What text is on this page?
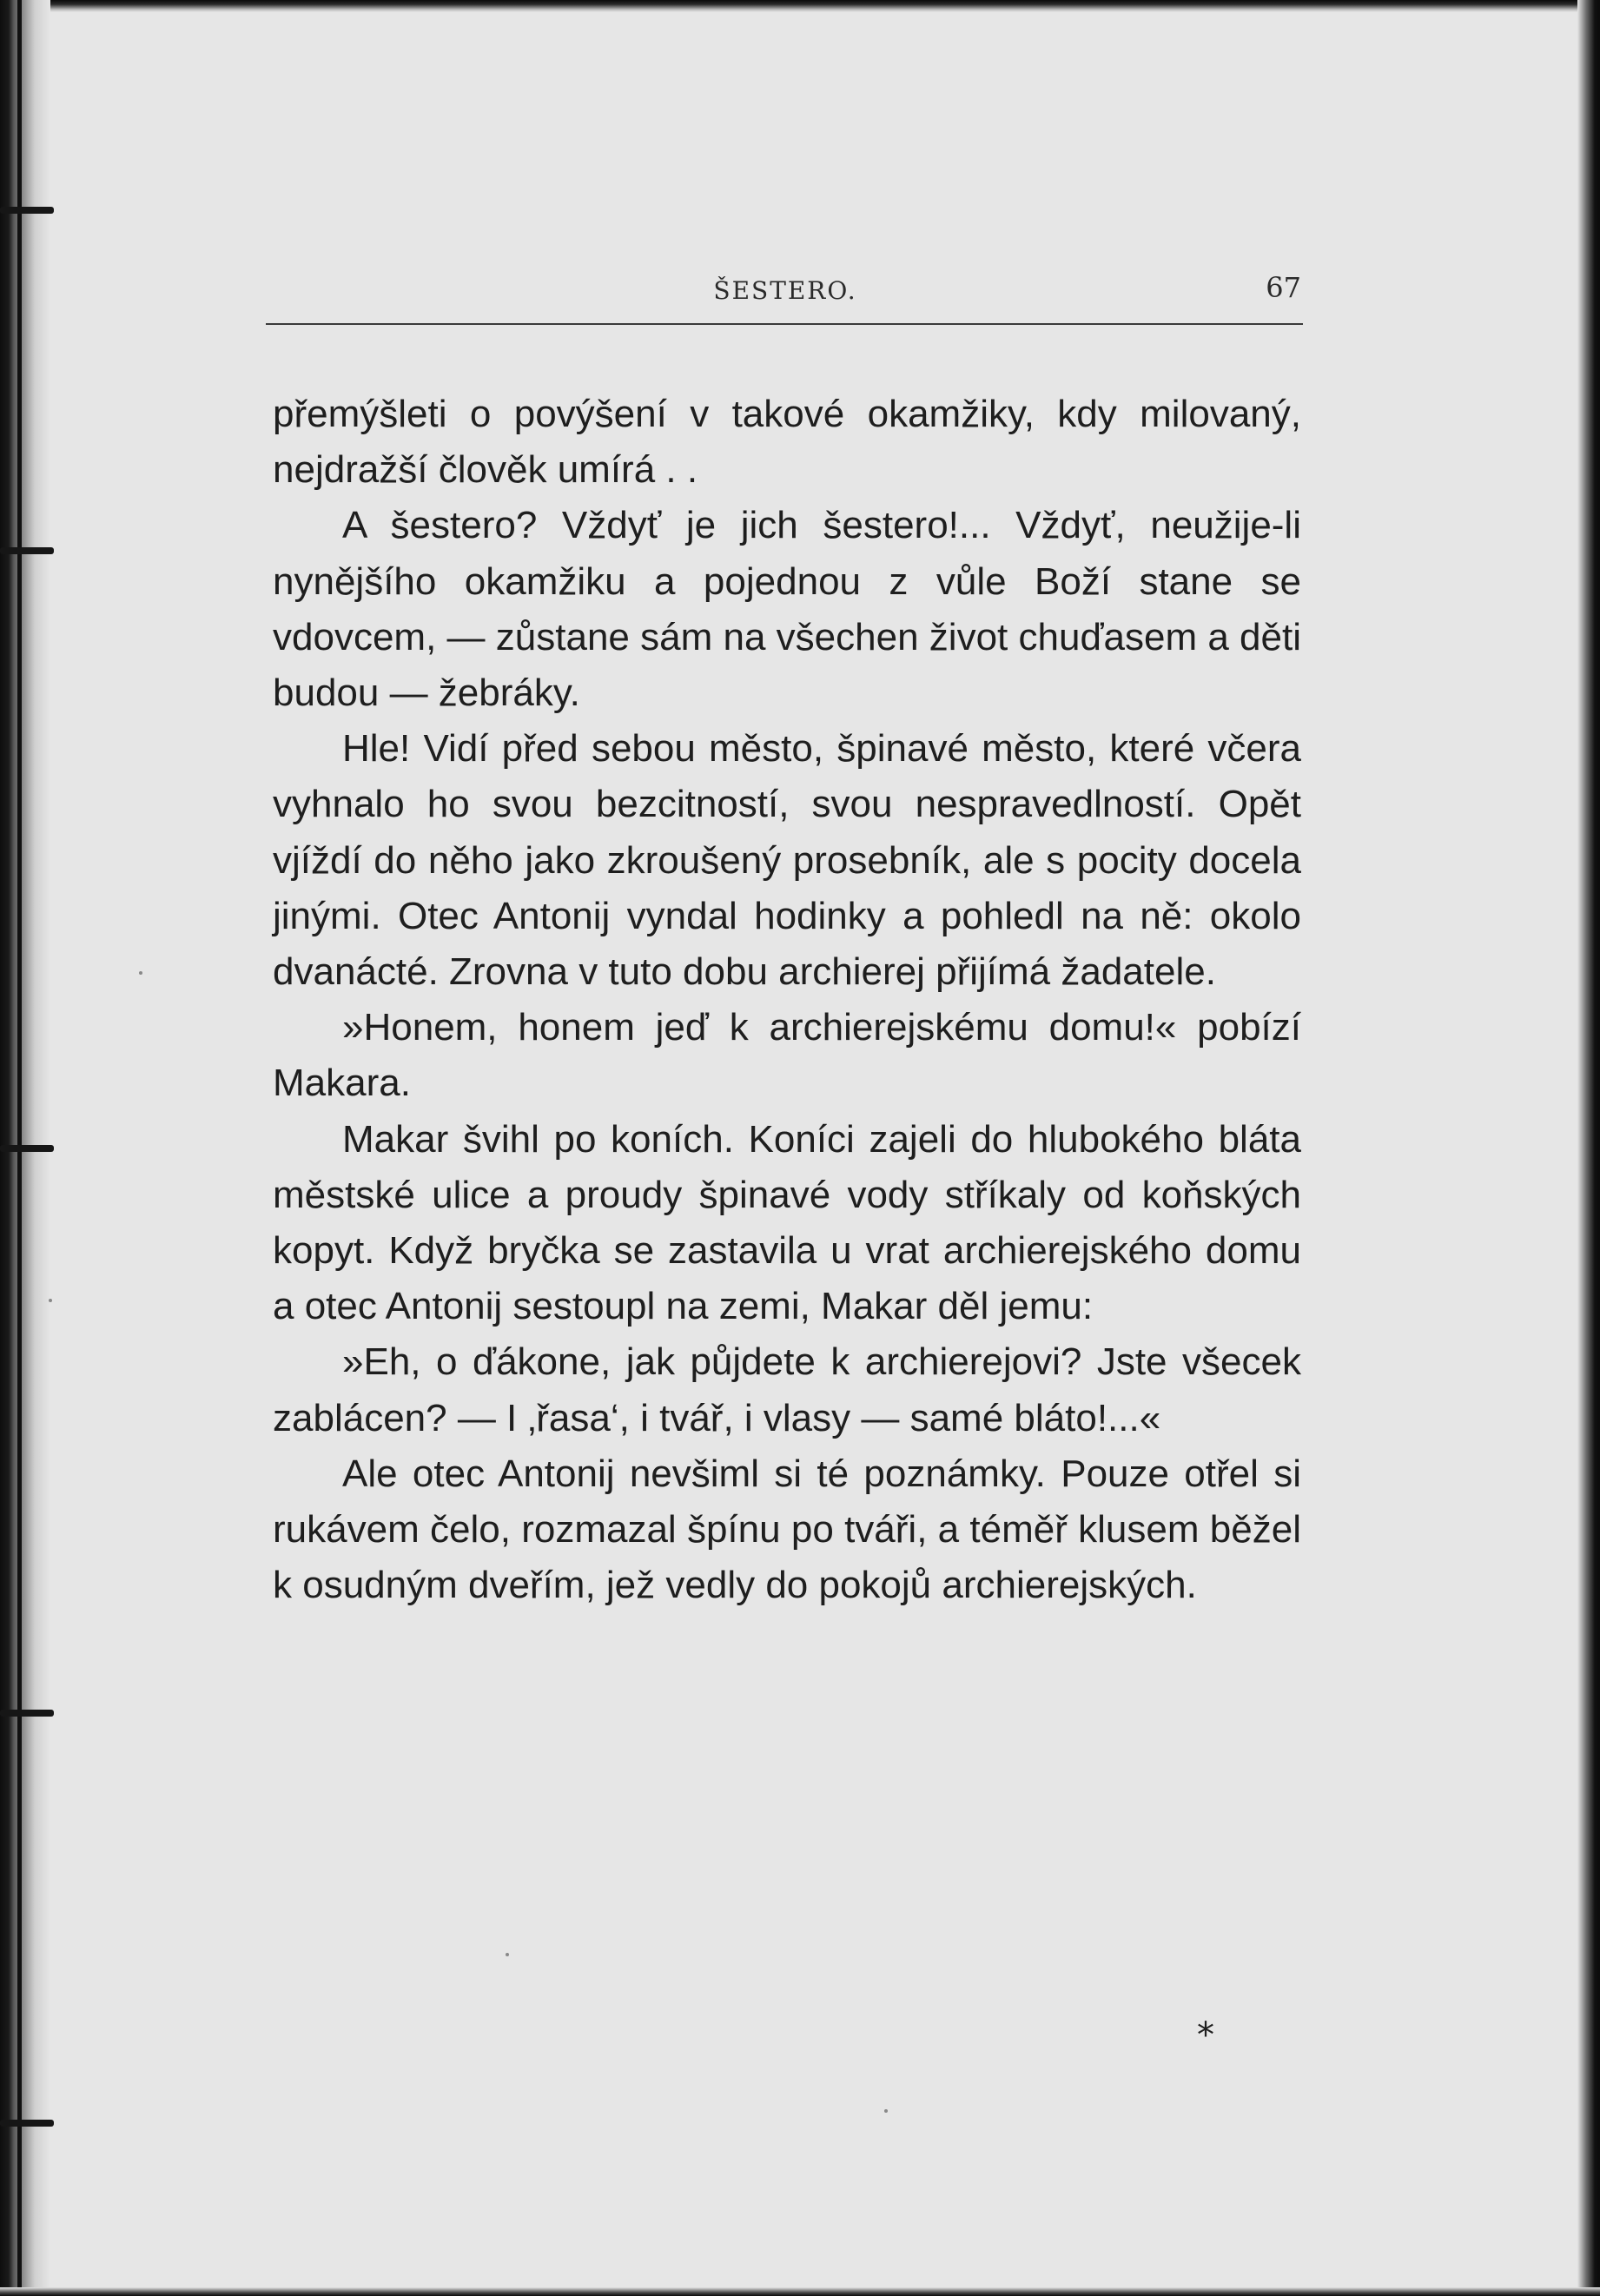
ŠESTERO.	67

přemýšleti o povýšení v takové okamžiky, kdy milovaný, nejdražší člověk umírá . .

A šestero? Vždyť je jich šestero!... Vždyť, neužije-li nynějšího okamžiku a pojednou z vůle Boží stane se vdovcem, — zůstane sám na všechen život chuďasem a děti budou — žebráky.

Hle! Vidí před sebou město, špinavé město, které včera vyhnalo ho svou bezcitností, svou nespravedlností. Opět vjíždí do něho jako zkroušený prosebník, ale s pocity docela jinými. Otec Antonij vyndal hodinky a pohledl na ně: okolo dvanácté. Zrovna v tuto dobu archierej přijímá žadatele.

»Honem, honem jeď k archierejskému domu!« pobízí Makara.

Makar švihl po koních. Koníci zajeli do hlubokého bláta městské ulice a proudy špinavé vody stříkaly od koňských kopyt. Když bryčka se zastavila u vrat archierejského domu a otec Antonij sestoupl na zemi, Makar děl jemu:

»Eh, o ďákone, jak půjdete k archierejovi? Jste všecek zablácen? — I ‚řasa‘, i tvář, i vlasy — samé bláto!...«

Ale otec Antonij nevšiml si té poznámky. Pouze otřel si rukávem čelo, rozmazal špínu po tváři, a téměř klusem běžel k osudným dveřím, jež vedly do pokojů archierejských.

*
